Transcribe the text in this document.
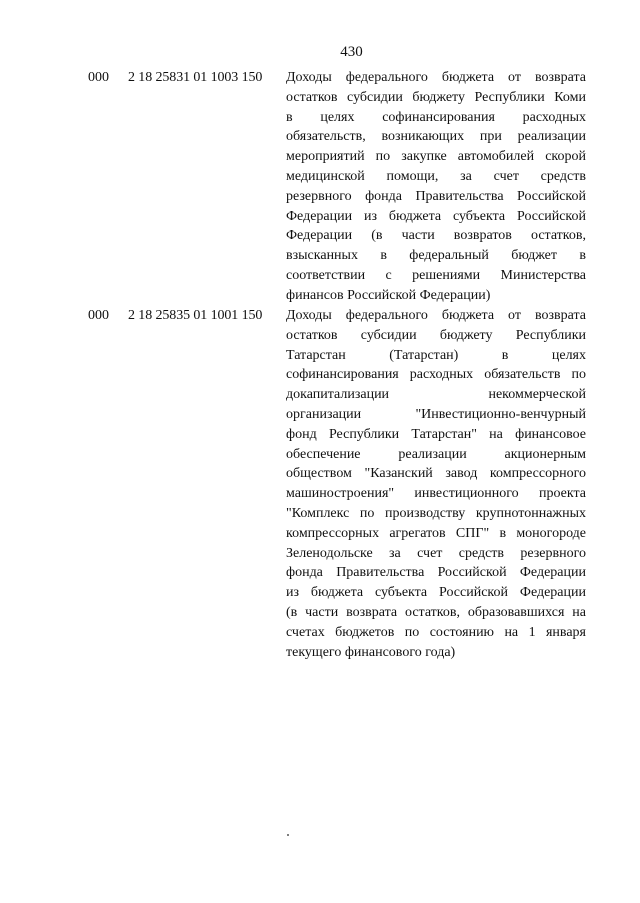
430
000 2 18 25831 01 1003 150 Доходы федерального бюджета от возврата
остатков субсидии бюджету Республики Коми
в целях софинансирования расходных
обязательств, возникающих при реализации
мероприятий по закупке автомобилей скорой
медицинской помощи, за счет средств
резервного фонда Правительства Российской
Федерации из бюджета субъекта Российской
Федерации (в части возвратов остатков,
взысканных в федеральный бюджет в
соответствии с решениями Министерства
финансов Российской Федерации)
000 2 18 25835 01 1001 150 Доходы федерального бюджета от возврата
остатков субсидии бюджету Республики
Татарстан (Татарстан) в целях
софинансирования расходных обязательств по
докапитализации некоммерческой
организации "Инвестиционно-венчурный
фонд Республики Татарстан" на финансовое
обеспечение реализации акционерным
обществом "Казанский завод компрессорного
машиностроения" инвестиционного проекта
"Комплекс по производству крупнотоннажных
компрессорных агрегатов СПГ" в моногороде
Зеленодольске за счет средств резервного
фонда Правительства Российской Федерации
из бюджета субъекта Российской Федерации
(в части возврата остатков, образовавшихся на
счетах бюджетов по состоянию на 1 января
текущего финансового года)
